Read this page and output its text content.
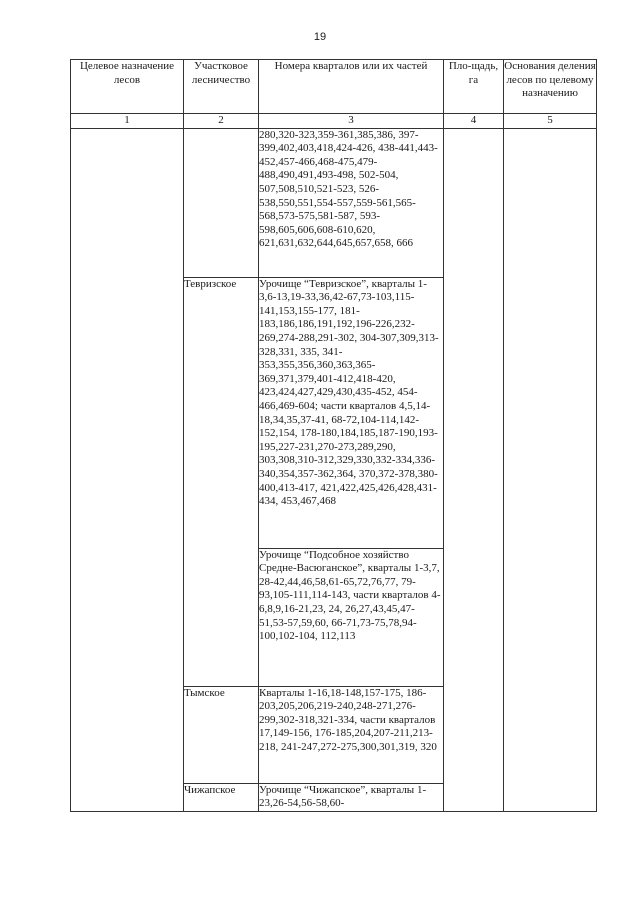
19
Целевое назначение лесов	Участковое лесничество	Номера кварталов или их частей	Пло-щадь, га	Основания деления лесов по целевому назначению
1	2	3	4	5
		280,320-323,359-361,385,386, 397-399,402,403,418,424-426, 438-441,443-452,457-466,468-475,479-488,490,491,493-498, 502-504, 507,508,510,521-523, 526-538,550,551,554-557,559-561,565-568,573-575,581-587, 593-598,605,606,608-610,620, 621,631,632,644,645,657,658, 666		
	Тевризское	Урочище “Тевризское”, кварталы 1-3,6-13,19-33,36,42-67,73-103,115-141,153,155-177, 181-183,186,186,191,192,196-226,232-269,274-288,291-302, 304-307,309,313-328,331, 335, 341-353,355,356,360,363,365-369,371,379,401-412,418-420, 423,424,427,429,430,435-452, 454-466,469-604; части кварталов 4,5,14-18,34,35,37-41, 68-72,104-114,142-152,154, 178-180,184,185,187-190,193-195,227-231,270-273,289,290, 303,308,310-312,329,330,332-334,336-340,354,357-362,364, 370,372-378,380-400,413-417, 421,422,425,426,428,431-434, 453,467,468		
		Урочище “Подсобное хозяйство Средне-Васюганское”, кварталы 1-3,7, 28-42,44,46,58,61-65,72,76,77, 79-93,105-111,114-143, части кварталов 4-6,8,9,16-21,23, 24, 26,27,43,45,47-51,53-57,59,60, 66-71,73-75,78,94-100,102-104, 112,113		
	Тымское	Кварталы 1-16,18-148,157-175, 186-203,205,206,219-240,248-271,276-299,302-318,321-334, части кварталов 17,149-156, 176-185,204,207-211,213-218, 241-247,272-275,300,301,319, 320		
	Чижапское	Урочище “Чижапское”, кварталы 1-23,26-54,56-58,60-		
